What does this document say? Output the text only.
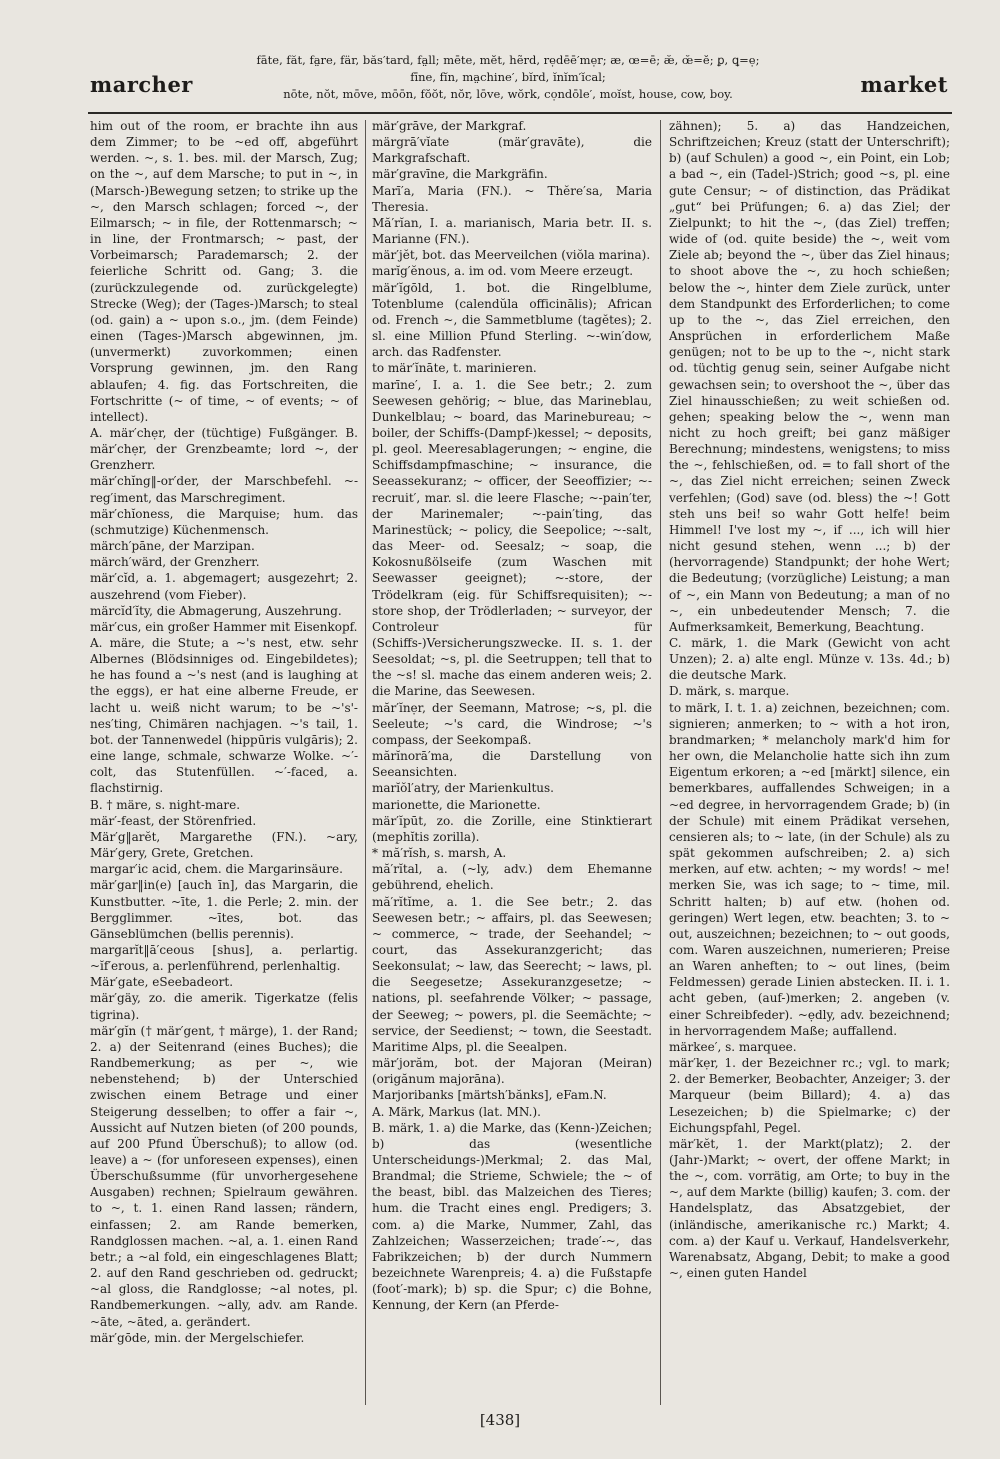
marcher
fāte, făt, fa̤re, fär, băs′tard, fa̤ll; mēte, mĕt, hẽrd, rẹdēē′mẹr; æ, œ=ē; æ̆, œ̆=ĕ; ꝑ, ꝗ=ẹ;
fīne, fĭn, ma̤chine′, bĭrd, ĭnĭm′ĭcal;
nōte, nŏt, mōve, mōōn, fŏŏt, nŏr, lōve, wŏrk, cọndōle′, moĭst, house, cow, boy.	market

him out of the room, er brachte ihn aus dem Zimmer; to be ~ed off, abgeführt werden. ~, s. 1. bes. mil. der Marsch, Zug; on the ~, auf dem Marsche; to put in ~, in (Marsch-)Bewegung setzen; to strike up the ~, den Marsch schlagen; forced ~, der Eilmarsch; ~ in file, der Rottenmarsch; ~ in line, der Frontmarsch; ~ past, der Vorbeimarsch; Parademarsch; 2. der feierliche Schritt od. Gang; 3. die (zurückzulegende od. zurückgelegte) Strecke (Weg); der (Tages-)Marsch; to steal (od. gain) a ~ upon s.o., jm. (dem Feinde) einen (Tages-)Marsch abgewinnen, jm. (unvermerkt) zuvorkommen; einen Vorsprung gewinnen, jm. den Rang ablaufen; 4. fig. das Fortschreiten, die Fortschritte (~ of time, ~ of events; ~ of intellect).

A. mär′chẹr, der (tüchtige) Fußgänger. B. mär′chẹr, der Grenzbeamte; lord ~, der Grenzherr.

mär′chĭng‖-or′der, der Marschbefehl. ~-reg′iment, das Marschregiment.

mär′chĭoness, die Marquise; hum. das (schmutzige) Küchenmensch.

märch′pāne, der Marzipan.

märch′wärd, der Grenzherr.

mär′cĭd, a. 1. abgemagert; ausgezehrt; 2. auszehrend (vom Fieber).

märcĭd′ĭty, die Abmagerung, Auszehrung.

mär′cus, ein großer Hammer mit Eisenkopf.

A. märe, die Stute; a ~'s nest, etw. sehr Albernes (Blödsinniges od. Eingebildetes); he has found a ~'s nest (and is laughing at the eggs), er hat eine alberne Freude, er lacht u. weiß nicht warum; to be ~'s'-nes′ting, Chimären nachjagen. ~'s tail, 1. bot. der Tannenwedel (hippūris vulgāris); 2. eine lange, schmale, schwarze Wolke. ~′-colt, das Stutenfüllen. ~′-faced, a. flachstirnig.

B. † märe, s. night-mare.

mär′-feast, der Störenfried.

Mär′g‖arĕt, Margarethe (FN.). ~ary, Mär′gery, Grete, Gretchen.

margar′ic acid, chem. die Margarinsäure.

mär′gar‖in(e) [auch īn], das Margarin, die Kunstbutter. ~īte, 1. die Perle; 2. min. der Bergglimmer. ~ītes, bot. das Gänseblümchen (bellis perennis).

margarĭt‖ā′ceous [shus], a. perlartig. ~ĭf′erous, a. perlenführend, perlenhaltig.

Mär′gate, eSeebadeort.

mär′gäy, zo. die amerik. Tigerkatze (felis tigrina).

mär′gĭn († mär′gent, † märge), 1. der Rand; 2. a) der Seitenrand (eines Buches); die Randbemerkung; as per ~, wie nebenstehend; b) der Unterschied zwischen einem Betrage und einer Steigerung desselben; to offer a fair ~, Aussicht auf Nutzen bieten (of 200 pounds, auf 200 Pfund Überschuß); to allow (od. leave) a ~ (for unforeseen expenses), einen Überschußsumme (für unvorhergesehene Ausgaben) rechnen; Spielraum gewähren. to ~, t. 1. einen Rand lassen; rändern, einfassen; 2. am Rande bemerken, Randglossen machen. ~al, a. 1. einen Rand betr.; a ~al fold, ein eingeschlagenes Blatt; 2. auf den Rand geschrieben od. gedruckt; ~al gloss, die Randglosse; ~al notes, pl. Randbemerkungen. ~ally, adv. am Rande. ~āte, ~āted, a. gerändert.

mär′gōde, min. der Mergelschiefer.

mär′grāve, der Markgraf.

märgrā′vĭate (mär′gravāte), die Markgrafschaft.

mär′gravīne, die Markgräfin.

Marī′a, Maria (FN.). ~ Thĕre′sa, Maria Theresia.

Mă′rĭan, I. a. marianisch, Maria betr. II. s. Marianne (FN.).

mär′jĕt, bot. das Meerveilchen (viŏla marina).

marĭg′ĕnous, a. im od. vom Meere erzeugt.

mär′ĭgōld, 1. bot. die Ringelblume, Totenblume (calendŭla officinālis); African od. French ~, die Sammetblume (tagĕtes); 2. sl. eine Million Pfund Sterling. ~-win′dow, arch. das Radfenster.

to mär′ĭnāte, t. marinieren.

marīne′, I. a. 1. die See betr.; 2. zum Seewesen gehörig; ~ blue, das Marineblau, Dunkelblau; ~ board, das Marinebureau; ~ boiler, der Schiffs-(Dampf-)kessel; ~ deposits, pl. geol. Meeresablagerungen; ~ engine, die Schiffsdampfmaschine; ~ insurance, die Seeassekuranz; ~ officer, der Seeoffizier; ~-recruit′, mar. sl. die leere Flasche; ~-pain′ter, der Marinemaler; ~-pain′ting, das Marinestück; ~ policy, die Seepolice; ~-salt, das Meer- od. Seesalz; ~ soap, die Kokosnußölseife (zum Waschen mit Seewasser geeignet); ~-store, der Trödelkram (eig. für Schiffsrequisiten); ~-store shop, der Trödlerladen; ~ surveyor, der Controleur für (Schiffs-)Versicherungszwecke. II. s. 1. der Seesoldat; ~s, pl. die Seetruppen; tell that to the ~s! sl. mache das einem anderen weis; 2. die Marine, das Seewesen.

măr′ĭnẹr, der Seemann, Matrose; ~s, pl. die Seeleute; ~'s card, die Windrose; ~'s compass, der Seekompaß.

mărĭnorā′ma, die Darstellung von Seeansichten.

marĭŏl′atry, der Marienkultus.

marionette, die Marionette.

mär′ĭpūt, zo. die Zorille, eine Stinktierart (mephĭtis zorilla).

* mă′rĭsh, s. marsh, A.

mă′rĭtal, a. (~ly, adv.) dem Ehemanne gebührend, ehelich.

mă′rĭtĭme, a. 1. die See betr.; 2. das Seewesen betr.; ~ affairs, pl. das Seewesen; ~ commerce, ~ trade, der Seehandel; ~ court, das Assekuranzgericht; das Seekonsulat; ~ law, das Seerecht; ~ laws, pl. die Seegesetze; Assekuranzgesetze; ~ nations, pl. seefahrende Völker; ~ passage, der Seeweg; ~ powers, pl. die Seemächte; ~ service, der Seedienst; ~ town, die Seestadt. Maritime Alps, pl. die Seealpen.

mär′jorăm, bot. der Majoran (Meiran) (origănum majorāna).

Marjoribanks [märtsh′bănks], eFam.N.

A. Märk, Markus (lat. MN.).

B. märk, 1. a) die Marke, das (Kenn-)Zeichen; b) das (wesentliche Unterscheidungs-)Merkmal; 2. das Mal, Brandmal; die Strieme, Schwiele; the ~ of the beast, bibl. das Malzeichen des Tieres; hum. die Tracht eines engl. Predigers; 3. com. a) die Marke, Nummer, Zahl, das Zahlzeichen; Wasserzeichen; trade′-~, das Fabrikzeichen; b) der durch Nummern bezeichnete Warenpreis; 4. a) die Fußstapfe (foot′-mark); b) sp. die Spur; c) die Bohne, Kennung, der Kern (an Pferde-

zähnen); 5. a) das Handzeichen, Schriftzeichen; Kreuz (statt der Unterschrift); b) (auf Schulen) a good ~, ein Point, ein Lob; a bad ~, ein (Tadel-)Strich; good ~s, pl. eine gute Censur; ~ of distinction, das Prädikat „gut“ bei Prüfungen; 6. a) das Ziel; der Zielpunkt; to hit the ~, (das Ziel) treffen; wide of (od. quite beside) the ~, weit vom Ziele ab; beyond the ~, über das Ziel hinaus; to shoot above the ~, zu hoch schießen; below the ~, hinter dem Ziele zurück, unter dem Standpunkt des Erforderlichen; to come up to the ~, das Ziel erreichen, den Ansprüchen in erforderlichem Maße genügen; not to be up to the ~, nicht stark od. tüchtig genug sein, seiner Aufgabe nicht gewachsen sein; to overshoot the ~, über das Ziel hinausschießen; zu weit schießen od. gehen; speaking below the ~, wenn man nicht zu hoch greift; bei ganz mäßiger Berechnung; mindestens, wenigstens; to miss the ~, fehlschießen, od. = to fall short of the ~, das Ziel nicht erreichen; seinen Zweck verfehlen; (God) save (od. bless) the ~! Gott steh uns bei! so wahr Gott helfe! beim Himmel! I've lost my ~, if ..., ich will hier nicht gesund stehen, wenn ...; b) der (hervorragende) Standpunkt; der hohe Wert; die Bedeutung; (vorzügliche) Leistung; a man of ~, ein Mann von Bedeutung; a man of no ~, ein unbedeutender Mensch; 7. die Aufmerksamkeit, Bemerkung, Beachtung.

C. märk, 1. die Mark (Gewicht von acht Unzen); 2. a) alte engl. Münze v. 13s. 4d.; b) die deutsche Mark.

D. märk, s. marque.

to märk, I. t. 1. a) zeichnen, bezeichnen; com. signieren; anmerken; to ~ with a hot iron, brandmarken; * melancholy mark'd him for her own, die Melancholie hatte sich ihn zum Eigentum erkoren; a ~ed [märkt] silence, ein bemerkbares, auffallendes Schweigen; in a ~ed degree, in hervorragendem Grade; b) (in der Schule) mit einem Prädikat versehen, censieren als; to ~ late, (in der Schule) als zu spät gekommen aufschreiben; 2. a) sich merken, auf etw. achten; ~ my words! ~ me! merken Sie, was ich sage; to ~ time, mil. Schritt halten; b) auf etw. (hohen od. geringen) Wert legen, etw. beachten; 3. to ~ out, auszeichnen; bezeichnen; to ~ out goods, com. Waren auszeichnen, numerieren; Preise an Waren anheften; to ~ out lines, (beim Feldmessen) gerade Linien abstecken. II. i. 1. acht geben, (auf-)merken; 2. angeben (v. einer Schreibfeder). ~ẹdly, adv. bezeichnend; in hervorragendem Maße; auffallend.

märkee′, s. marquee.

mär′kẹr, 1. der Bezeichner rc.; vgl. to mark; 2. der Bemerker, Beobachter, Anzeiger; 3. der Marqueur (beim Billard); 4. a) das Lesezeichen; b) die Spielmarke; c) der Eichungspfahl, Pegel.

mär′kĕt, 1. der Markt(platz); 2. der (Jahr-)Markt; ~ overt, der offene Markt; in the ~, com. vorrätig, am Orte; to buy in the ~, auf dem Markte (billig) kaufen; 3. com. der Handelsplatz, das Absatzgebiet, der (inländische, amerikanische rc.) Markt; 4. com. a) der Kauf u. Verkauf, Handelsverkehr, Warenabsatz, Abgang, Debit; to make a good ~, einen guten Handel

[438]
